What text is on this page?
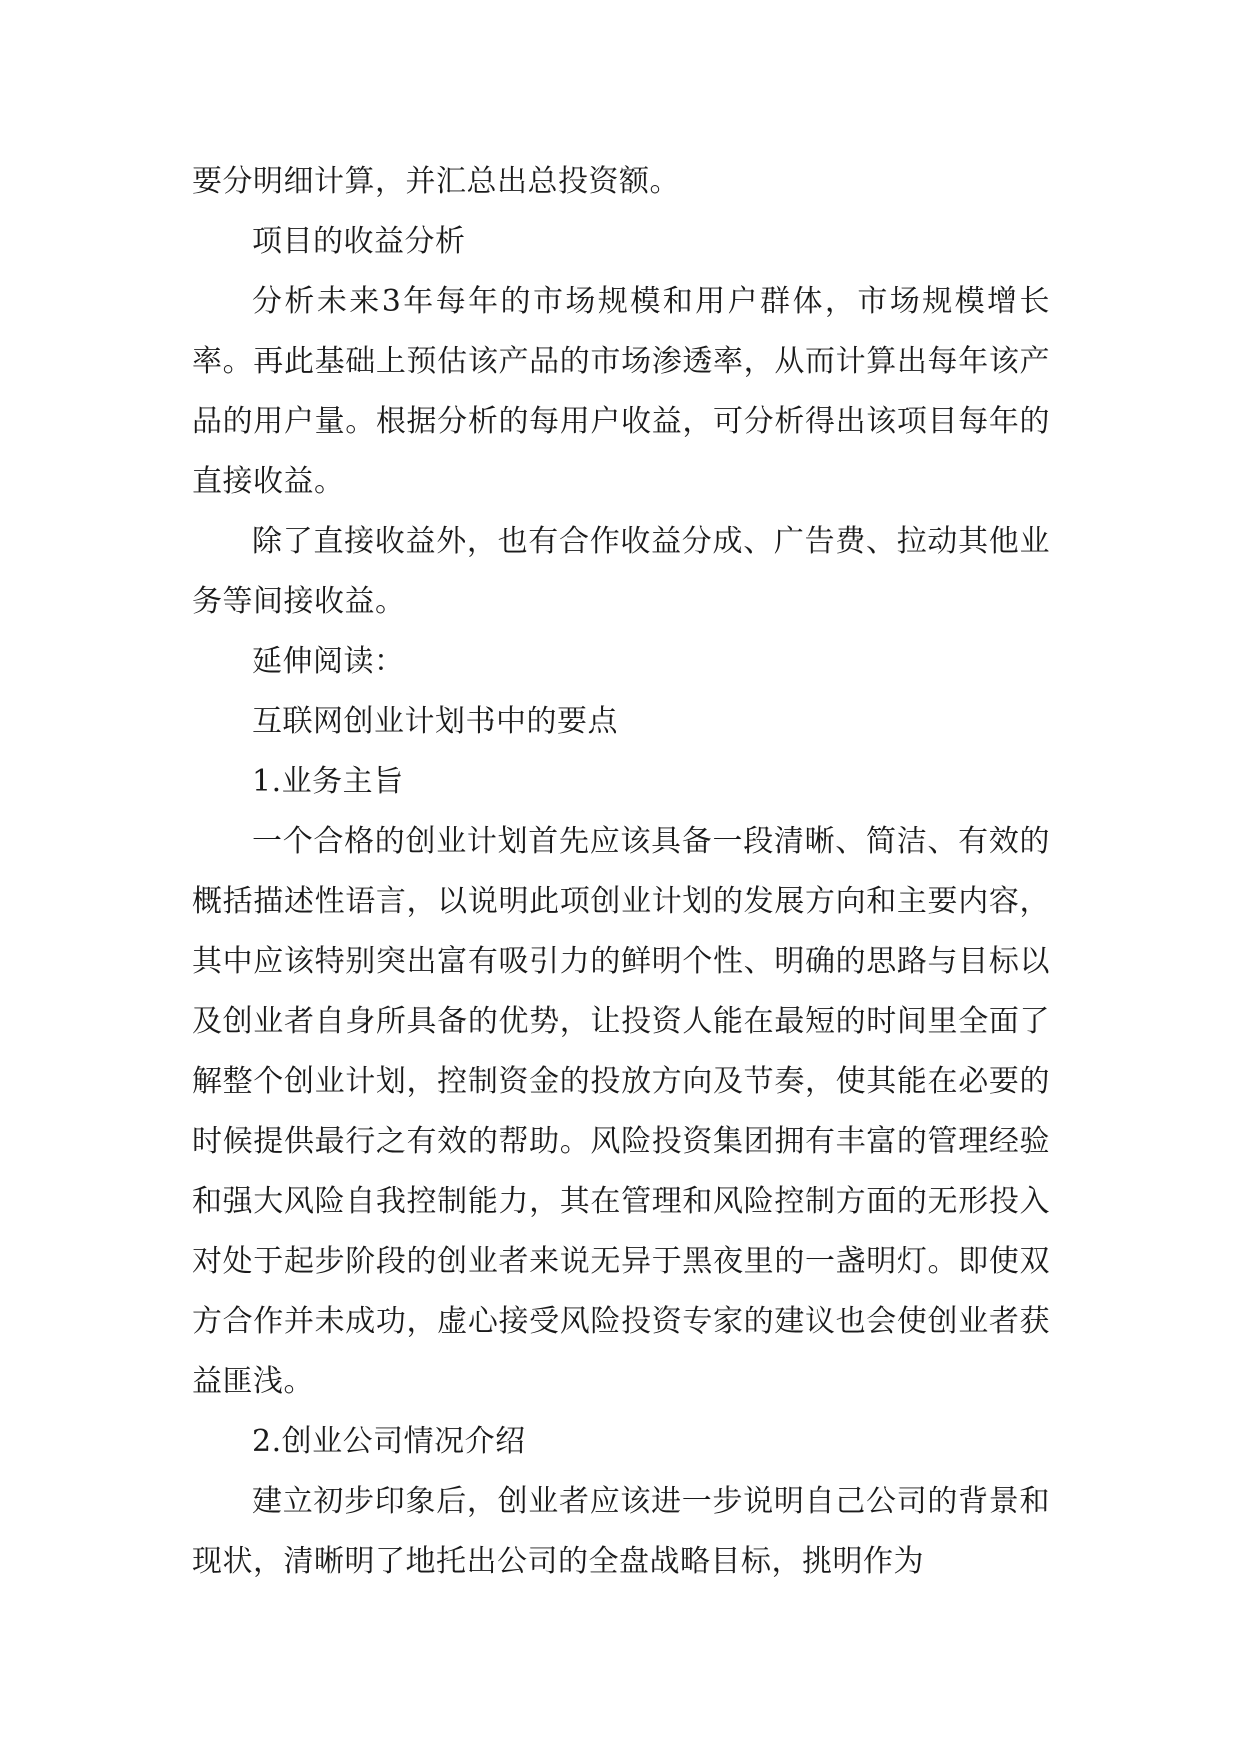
要分明细计算，并汇总出总投资额。

项目的收益分析

分析未来3年每年的市场规模和用户群体，市场规模增长率。再此基础上预估该产品的市场渗透率，从而计算出每年该产品的用户量。根据分析的每用户收益，可分析得出该项目每年的直接收益。

除了直接收益外，也有合作收益分成、广告费、拉动其他业务等间接收益。

延伸阅读：

互联网创业计划书中的要点

1.业务主旨

一个合格的创业计划首先应该具备一段清晰、简洁、有效的概括描述性语言，以说明此项创业计划的发展方向和主要内容，其中应该特别突出富有吸引力的鲜明个性、明确的思路与目标以及创业者自身所具备的优势，让投资人能在最短的时间里全面了解整个创业计划，控制资金的投放方向及节奏，使其能在必要的时候提供最行之有效的帮助。风险投资集团拥有丰富的管理经验和强大风险自我控制能力，其在管理和风险控制方面的无形投入对处于起步阶段的创业者来说无异于黑夜里的一盏明灯。即使双方合作并未成功，虚心接受风险投资专家的建议也会使创业者获益匪浅。

2.创业公司情况介绍

建立初步印象后，创业者应该进一步说明自己公司的背景和现状，清晰明了地托出公司的全盘战略目标，挑明作为
